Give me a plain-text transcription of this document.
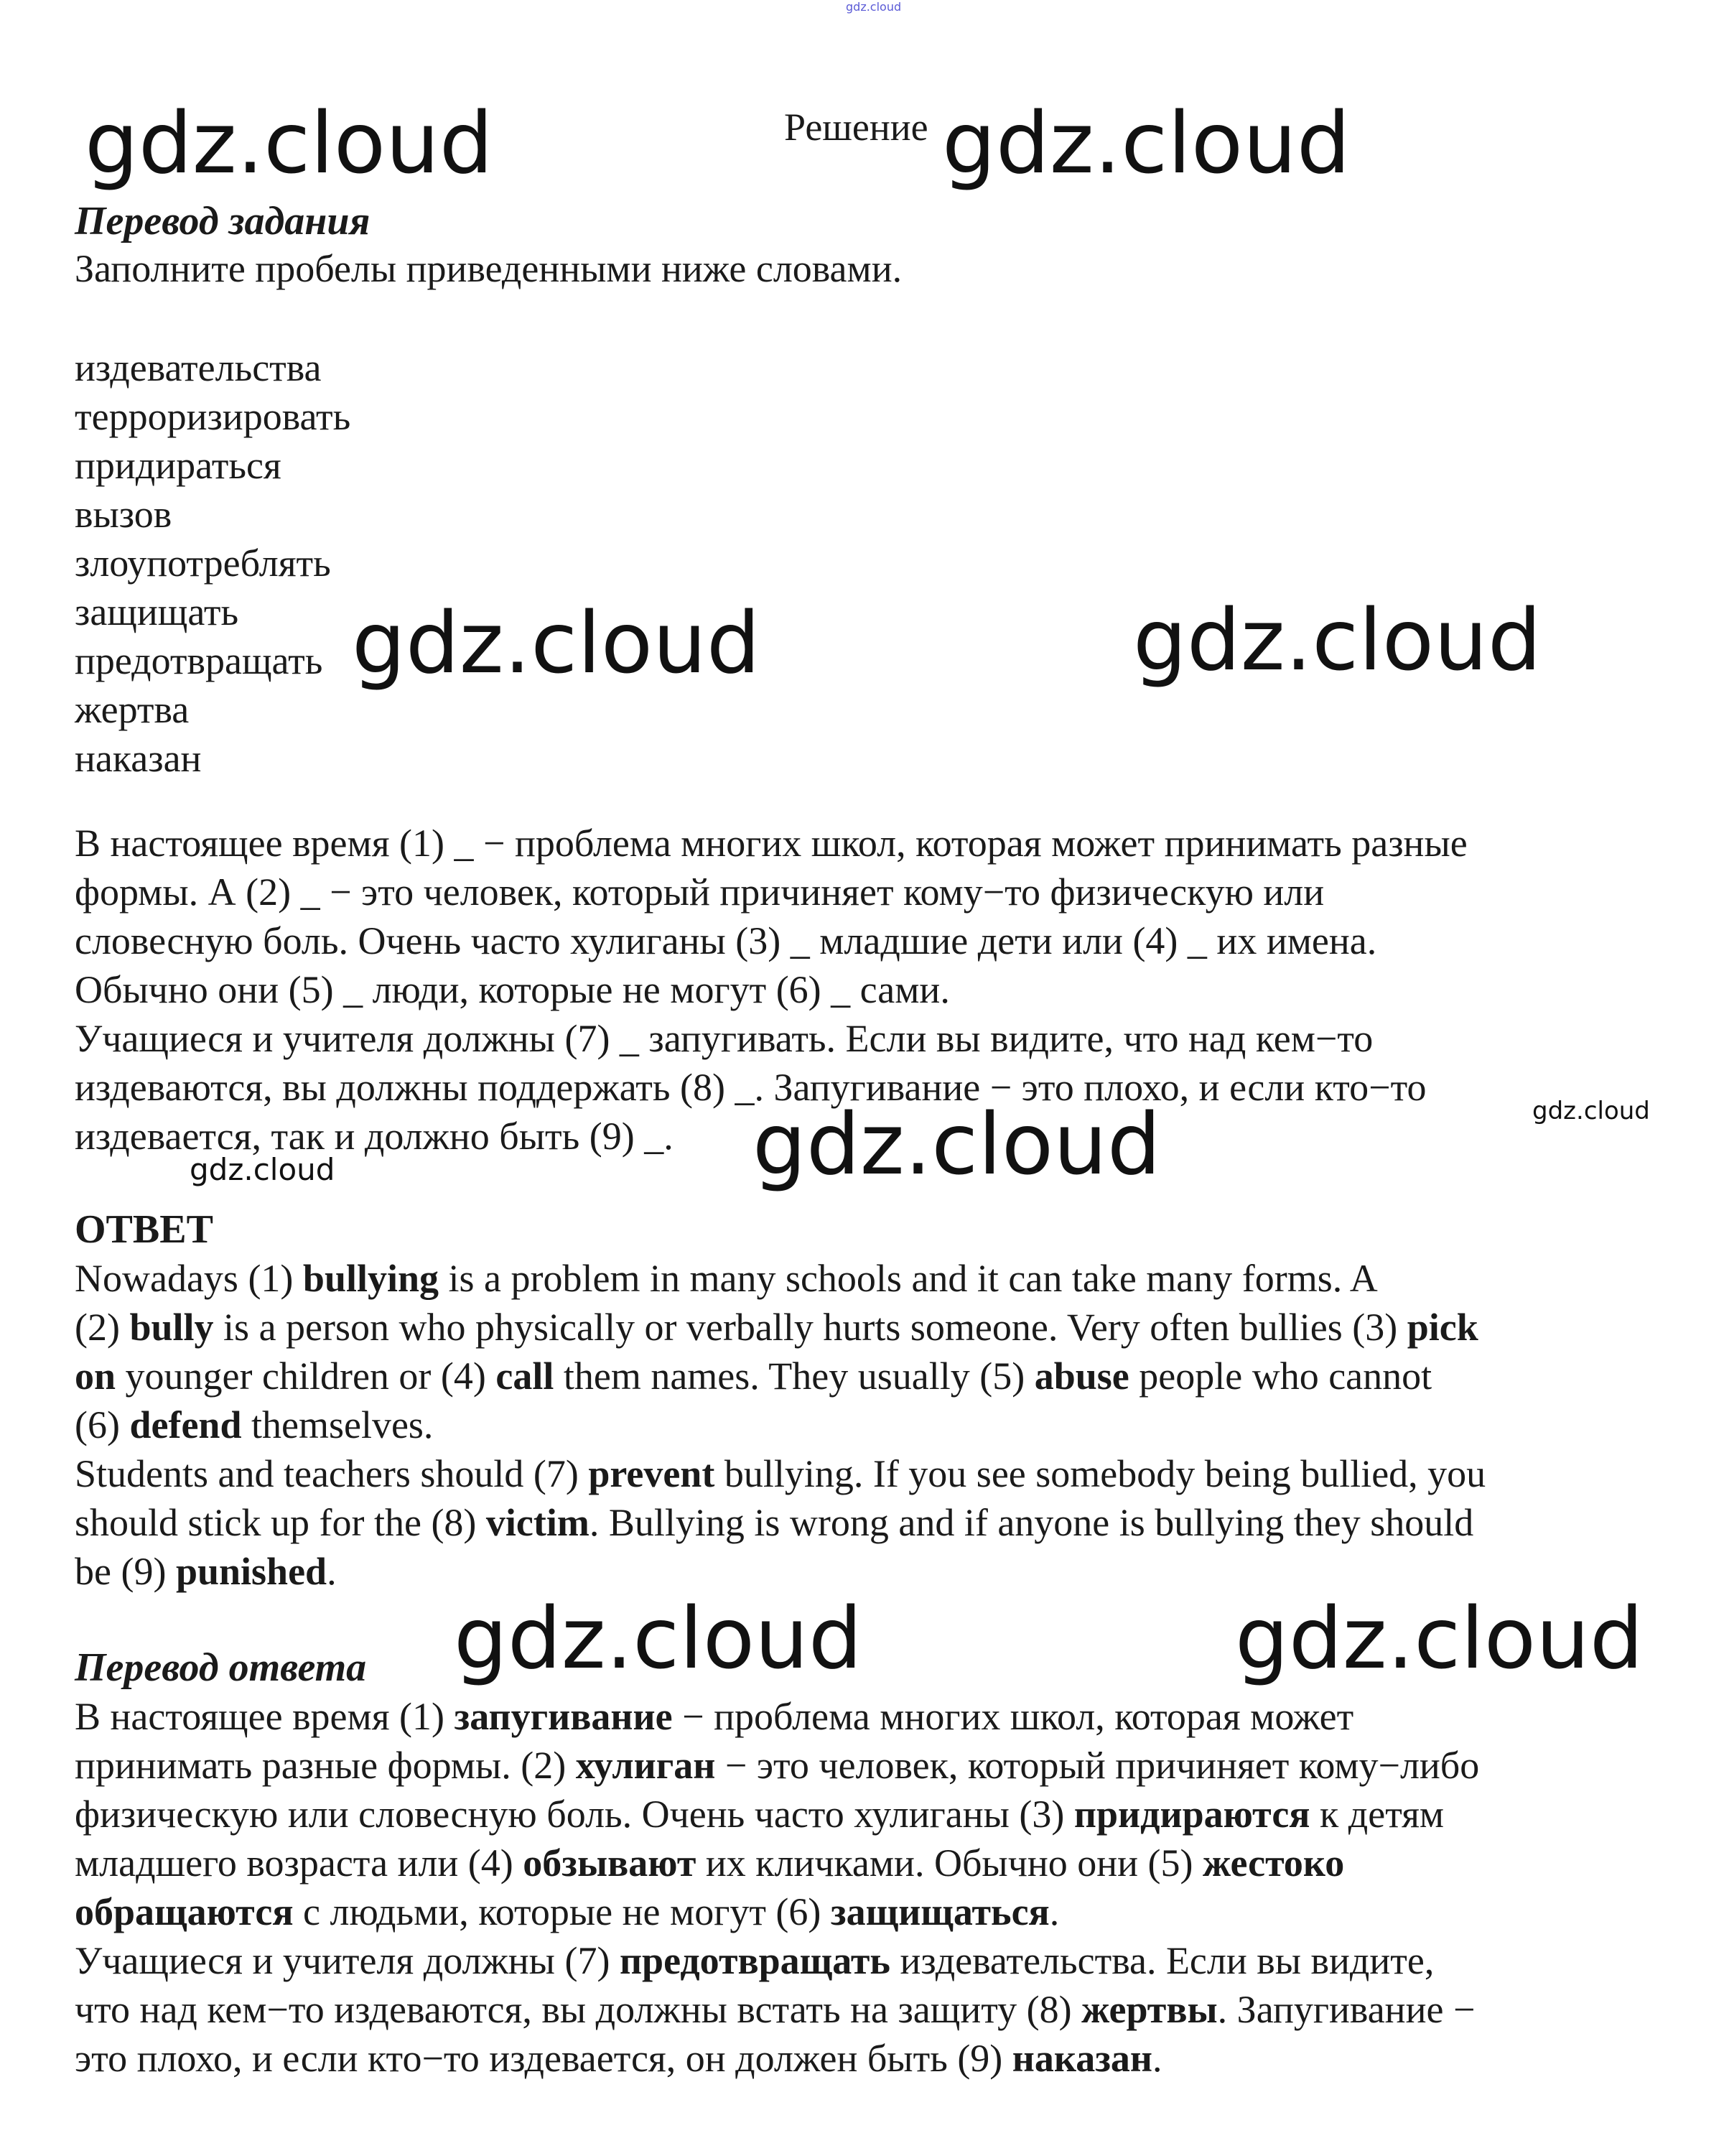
gdz.cloud
gdz.cloud	Решение gdz.cloud
Перевод задания
Заполните пробелы приведенными ниже словами.
издевательства
терроризировать
придираться
вызов
злоупотреблять
защищать
предотвращать
жертва
наказан
gdz.cloud	gdz.cloud
В настоящее время (1) _ − проблема многих школ, которая может принимать разные
формы. А (2) _ − это человек, который причиняет кому−то физическую или
словесную боль. Очень часто хулиганы (3) _ младшие дети или (4) _ их имена.
Обычно они (5) _ люди, которые не могут (6) _ сами.
Учащиеся и учителя должны (7) _ запугивать. Если вы видите, что над кем−то
издеваются, вы должны поддержать (8) _. Запугивание − это плохо, и если кто−то
издевается, так и должно быть (9) _.
gdz.cloud
gdz.cloud
gdz.cloud
ОТВЕТ
Nowadays (1) bullying is a problem in many schools and it can take many forms. A
(2) bully is a person who physically or verbally hurts someone. Very often bullies (3) pick
on younger children or (4) call them names. They usually (5) abuse people who cannot
(6) defend themselves.
Students and teachers should (7) prevent bullying. If you see somebody being bullied, you
should stick up for the (8) victim. Bullying is wrong and if anyone is bullying they should
be (9) punished.
gdz.cloud	gdz.cloud
Перевод ответа
В настоящее время (1) запугивание − проблема многих школ, которая может
принимать разные формы. (2) хулиган − это человек, который причиняет кому−либо
физическую или словесную боль. Очень часто хулиганы (3) придираются к детям
младшего возраста или (4) обзывают их кличками. Обычно они (5) жестоко
обращаются с людьми, которые не могут (6) защищаться.
Учащиеся и учителя должны (7) предотвращать издевательства. Если вы видите,
что над кем−то издеваются, вы должны встать на защиту (8) жертвы. Запугивание −
это плохо, и если кто−то издевается, он должен быть (9) наказан.
